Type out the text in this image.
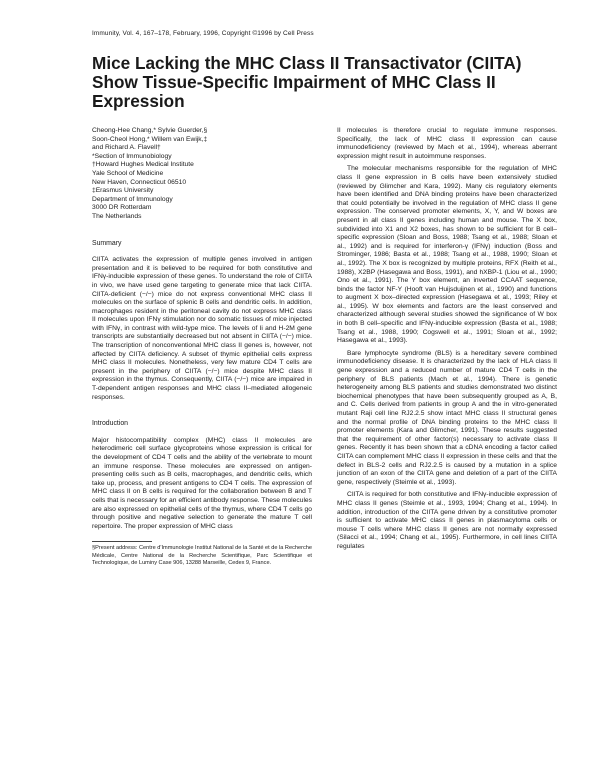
Immunity, Vol. 4, 167–178, February, 1996, Copyright ©1996 by Cell Press
Mice Lacking the MHC Class II Transactivator (CIITA) Show Tissue-Specific Impairment of MHC Class II Expression

Cheong-Hee Chang,* Sylvie Guerder,§

Soon-Cheol Hong,* Willem van Ewijk,‡

and Richard A. Flavell†

*Section of Immunobiology

†Howard Hughes Medical Institute

Yale School of Medicine

New Haven, Connecticut 06510

‡Erasmus University

Department of Immunology

3000 DR Rotterdam

The Netherlands

Summary

CIITA activates the expression of multiple genes involved in antigen presentation and it is believed to be required for both constitutive and IFNγ-inducible expression of these genes. To understand the role of CIITA in vivo, we have used gene targeting to generate mice that lack CIITA. CIITA-deficient (−/−) mice do not express conventional MHC class II molecules on the surface of splenic B cells and dendritic cells. In addition, macrophages resident in the peritoneal cavity do not express MHC class II molecules upon IFNγ stimulation nor do somatic tissues of mice injected with IFNγ, in contrast with wild-type mice. The levels of Ii and H-2M gene transcripts are substantially decreased but not absent in CIITA (−/−) mice. The transcription of nonconventional MHC class II genes is, however, not affected by CIITA deficiency. A subset of thymic epithelial cells express MHC class II molecules. Nonetheless, very few mature CD4 T cells are present in the periphery of CIITA (−/−) mice despite MHC class II expression in the thymus. Consequently, CIITA (−/−) mice are impaired in T-dependent antigen responses and MHC class II–mediated allogeneic responses.

Introduction

Major histocompatibility complex (MHC) class II molecules are heterodimeric cell surface glycoproteins whose expression is critical for the development of CD4 T cells and the ability of the vertebrate to mount an immune response. These molecules are expressed on antigen-presenting cells such as B cells, macrophages, and dendritic cells, which take up, process, and present antigens to CD4 T cells. The expression of MHC class II on B cells is required for the collaboration between B and T cells that is necessary for an efficient antibody response. These molecules are also expressed on epithelial cells of the thymus, where CD4 T cells go through positive and negative selection to generate the mature T cell repertoire. The proper expression of MHC class

§Present address: Centre d'Immunologie Institut National de la Santé et de la Recherche Médicale, Centre National de la Recherche Scientifique, Parc Scientifique et Technologique, de Luminy Case 906, 13288 Marseille, Cedex 9, France.

II molecules is therefore crucial to regulate immune responses. Specifically, the lack of MHC class II expression can cause immunodeficiency (reviewed by Mach et al., 1994), whereas aberrant expression might result in autoimmune responses.

The molecular mechanisms responsible for the regulation of MHC class II gene expression in B cells have been extensively studied (reviewed by Glimcher and Kara, 1992). Many cis regulatory elements have been identified and DNA binding proteins have been characterized that could potentially be involved in the regulation of MHC class II gene expression. The conserved promoter elements, X, Y, and W boxes are present in all class II genes including human and mouse. The X box, subdivided into X1 and X2 boxes, has shown to be sufficient for B cell–specific expression (Sloan and Boss, 1988; Tsang et al., 1988; Sloan et al., 1992) and is required for interferon-γ (IFNγ) induction (Boss and Strominger, 1986; Basta et al., 1988; Tsang et al., 1988, 1990; Sloan et al., 1992). The X box is recognized by multiple proteins, RFX (Reith et al., 1988), X2BP (Hasegawa and Boss, 1991), and hXBP-1 (Liou et al., 1990; Ono et al., 1991). The Y box element, an inverted CCAAT sequence, binds the factor NF-Y (Hooft van Huijsduijnen et al., 1990) and functions to augment X box–directed expression (Hasegawa et al., 1993; Riley et al., 1995). W box elements and factors are the least conserved and characterized although several studies showed the significance of W box in both B cell–specific and IFNγ-inducible expression (Basta et al., 1988; Tsang et al., 1988, 1990; Cogswell et al., 1991; Sloan et al., 1992; Hasegawa et al., 1993).

Bare lymphocyte syndrome (BLS) is a hereditary severe combined immunodeficiency disease. It is characterized by the lack of HLA class II gene expression and a reduced number of mature CD4 T cells in the periphery of BLS patients (Mach et al., 1994). There is genetic heterogeneity among BLS patients and studies demonstrated two distinct biochemical phenotypes that have been subsequently grouped as A, B, and C. Cells derived from patients in group A and the in vitro-generated mutant Raji cell line RJ2.2.5 show intact MHC class II structural genes and the normal profile of DNA binding proteins to the MHC class II promoter elements (Kara and Glimcher, 1991). These results suggested that the requirement of other factor(s) necessary to activate class II genes. Recently it has been shown that a cDNA encoding a factor called CIITA can complement MHC class II expression in these cells and that the defect in BLS-2 cells and RJ2.2.5 is caused by a mutation in a splice junction of an exon of the CIITA gene and deletion of a part of the CIITA gene, respectively (Steimle et al., 1993).

CIITA is required for both constitutive and IFNγ-inducible expression of MHC class II genes (Steimle et al., 1993, 1994; Chang et al., 1994). In addition, introduction of the CIITA gene driven by a constitutive promoter is sufficient to activate MHC class II genes in plasmacytoma cells or mouse T cells where MHC class II genes are not normally expressed (Silacci et al., 1994; Chang et al., 1995). Furthermore, in cell lines CIITA regulates
